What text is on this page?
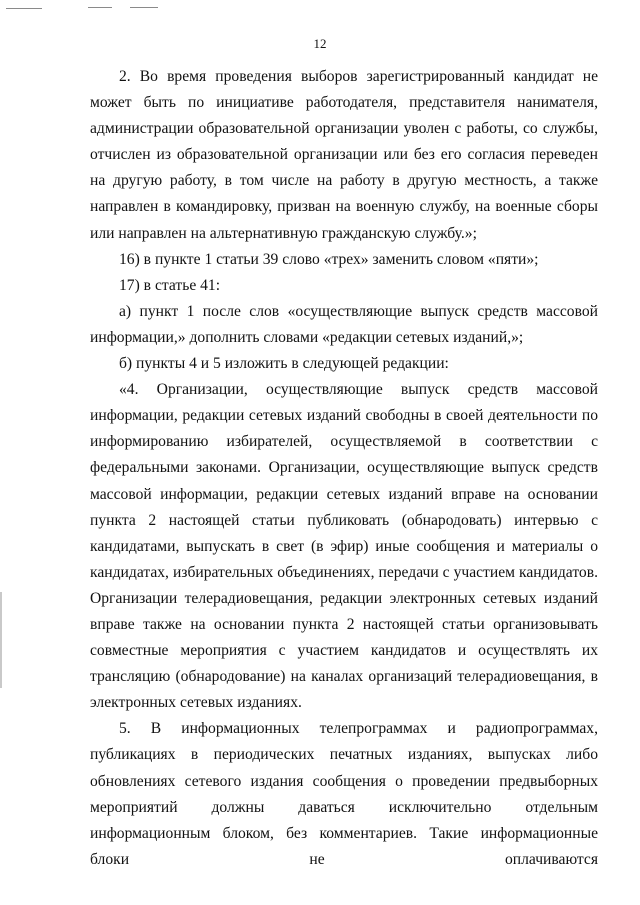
12

2. Во время проведения выборов зарегистрированный кандидат не может быть по инициативе работодателя, представителя нанимателя, администрации образовательной организации уволен с работы, со службы, отчислен из образовательной организации или без его согласия переведен на другую работу, в том числе на работу в другую местность, а также направлен в командировку, призван на военную службу, на военные сборы или направлен на альтернативную гражданскую службу.»;

16) в пункте 1 статьи 39 слово «трех» заменить словом «пяти»;

17) в статье 41:

а) пункт 1 после слов «осуществляющие выпуск средств массовой информации,» дополнить словами «редакции сетевых изданий,»;

б) пункты 4 и 5 изложить в следующей редакции:

«4. Организации, осуществляющие выпуск средств массовой информации, редакции сетевых изданий свободны в своей деятельности по информированию избирателей, осуществляемой в соответствии с федеральными законами. Организации, осуществляющие выпуск средств массовой информации, редакции сетевых изданий вправе на основании пункта 2 настоящей статьи публиковать (обнародовать) интервью с кандидатами, выпускать в свет (в эфир) иные сообщения и материалы о кандидатах, избирательных объединениях, передачи с участием кандидатов. Организации телерадиовещания, редакции электронных сетевых изданий вправе также на основании пункта 2 настоящей статьи организовывать совместные мероприятия с участием кандидатов и осуществлять их трансляцию (обнародование) на каналах организаций телерадиовещания, в электронных сетевых изданиях.

5. В информационных телепрограммах и радиопрограммах, публикациях в периодических печатных изданиях, выпусках либо обновлениях сетевого издания сообщения о проведении предвыборных мероприятий должны даваться исключительно отдельным информационным блоком, без комментариев. Такие информационные блоки не оплачиваются
